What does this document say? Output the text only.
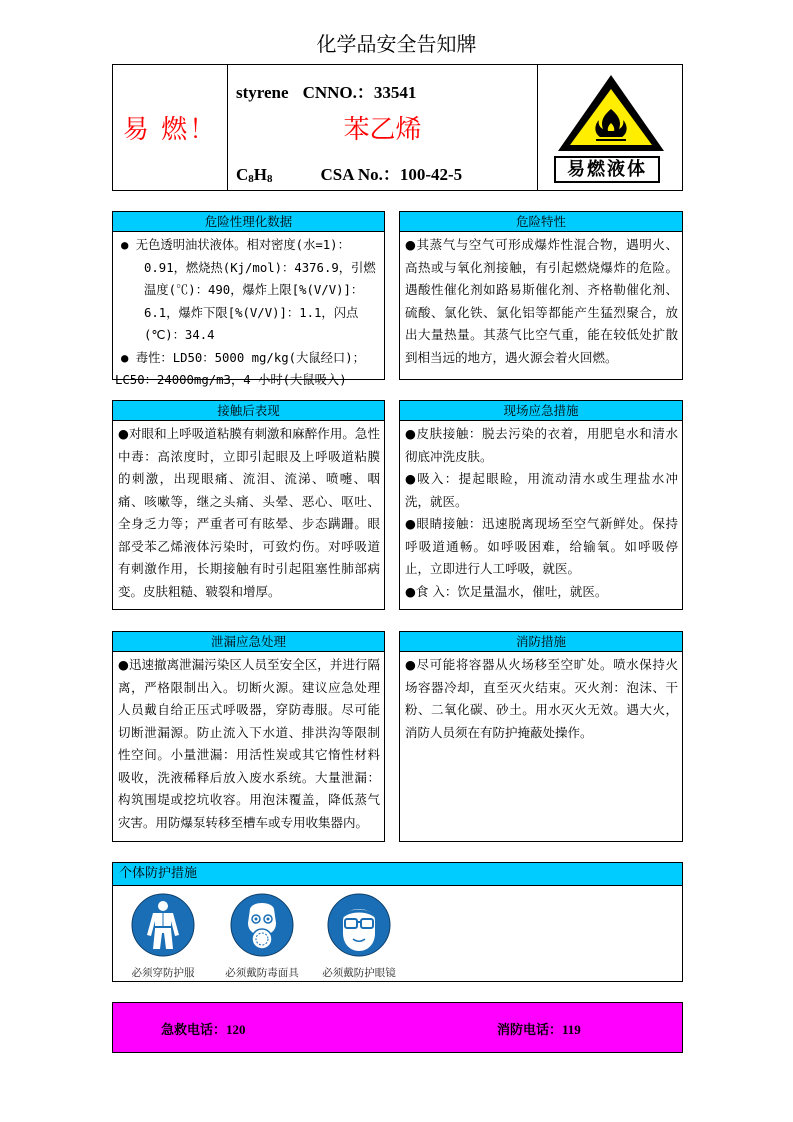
化学品安全告知牌
易 燃！
styrene CNNO.：33541
苯乙烯
$C_8H_8$	CSA No.：100-42-5	易燃液体
危险性理化数据

● 无色透明油状液体。相对密度(水=1)：

0.91，燃烧热(Kj/mol)：4376.9，引燃

温度(℃)：490，爆炸上限[%(V/V)]：

6.1，爆炸下限[%(V/V)]：1.1，闪点

(℃)：34.4

● 毒性：LD50：5000 mg/kg(大鼠经口)；

LC50：24000mg/m3，4 小时(大鼠吸入)

危险特性
●其蒸气与空气可形成爆炸性混合物，遇明火、高热或与氧化剂接触，有引起燃烧爆炸的危险。遇酸性催化剂如路易斯催化剂、齐格勒催化剂、硫酸、氯化铁、氯化铝等都能产生猛烈聚合，放出大量热量。其蒸气比空气重，能在较低处扩散到相当远的地方，遇火源会着火回燃。
接触后表现
●对眼和上呼吸道粘膜有刺激和麻醉作用。急性中毒：高浓度时，立即引起眼及上呼吸道粘膜的刺激，出现眼痛、流泪、流涕、喷嚏、咽痛、咳嗽等，继之头痛、头晕、恶心、呕吐、全身乏力等；严重者可有眩晕、步态蹒跚。眼部受苯乙烯液体污染时，可致灼伤。对呼吸道有刺激作用，长期接触有时引起阻塞性肺部病变。皮肤粗糙、皲裂和增厚。
现场应急措施

●皮肤接触：脱去污染的衣着，用肥皂水和清水彻底冲洗皮肤。

●吸入：提起眼睑，用流动清水或生理盐水冲洗，就医。

●眼睛接触：迅速脱离现场至空气新鲜处。保持呼吸道通畅。如呼吸困难，给输氧。如呼吸停止，立即进行人工呼吸，就医。

●食 入：饮足量温水，催吐，就医。

泄漏应急处理
●迅速撤离泄漏污染区人员至安全区，并进行隔离，严格限制出入。切断火源。建议应急处理人员戴自给正压式呼吸器，穿防毒服。尽可能切断泄漏源。防止流入下水道、排洪沟等限制性空间。小量泄漏：用活性炭或其它惰性材料吸收，洗液稀释后放入废水系统。大量泄漏：构筑围堤或挖坑收容。用泡沫覆盖，降低蒸气灾害。用防爆泵转移至槽车或专用收集器内。
消防措施
●尽可能将容器从火场移至空旷处。喷水保持火场容器冷却，直至灭火结束。灭火剂：泡沫、干粉、二氧化碳、砂土。用水灭火无效。遇大火，消防人员须在有防护掩蔽处操作。
个体防护措施
必须穿防护服	必须戴防毒面具	必须戴防护眼镜
急救电话：120	消防电话：119
